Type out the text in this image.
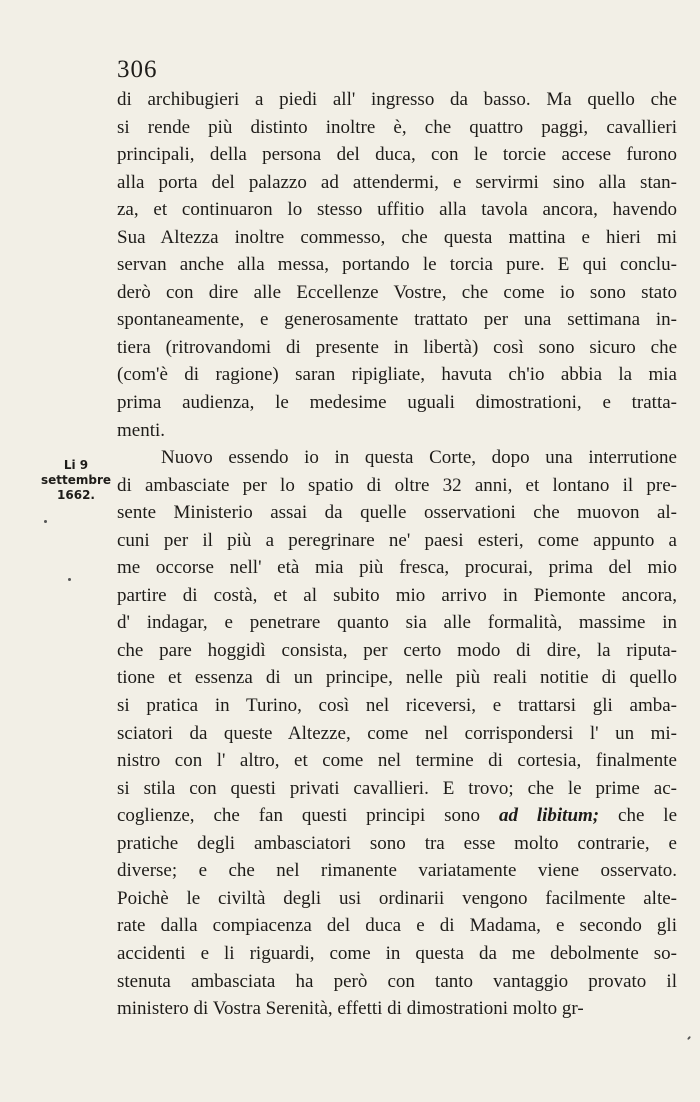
306
Li 9
settembre
1662.
di archibugieri a piedi all' ingresso da basso. Ma quello che
si rende più distinto inoltre è, che quattro paggi, cavallieri
principali, della persona del duca, con le torcie accese furono
alla porta del palazzo ad attendermi, e servirmi sino alla stan-
za, et continuaron lo stesso uffitio alla tavola ancora, havendo
Sua Altezza inoltre commesso, che questa mattina e hieri mi
servan anche alla messa, portando le torcia pure. E qui conclu-
derò con dire alle Eccellenze Vostre, che come io sono stato
spontaneamente, e generosamente trattato per una settimana in-
tiera (ritrovandomi di presente in libertà) così sono sicuro che
(com'è di ragione) saran ripigliate, havuta ch'io abbia la mia
prima audienza, le medesime uguali dimostrationi, e tratta-
menti.
Nuovo essendo io in questa Corte, dopo una interrutione
di ambasciate per lo spatio di oltre 32 anni, et lontano il pre-
sente Ministerio assai da quelle osservationi che muovon al-
cuni per il più a peregrinare ne' paesi esteri, come appunto a
me occorse nell' età mia più fresca, procurai, prima del mio
partire di costà, et al subito mio arrivo in Piemonte ancora,
d' indagar, e penetrare quanto sia alle formalità, massime in
che pare hoggidì consista, per certo modo di dire, la riputa-
tione et essenza di un principe, nelle più reali notitie di quello
si pratica in Turino, così nel riceversi, e trattarsi gli amba-
sciatori da queste Altezze, come nel corrispondersi l' un mi-
nistro con l' altro, et come nel termine di cortesia, finalmente
si stila con questi privati cavallieri. E trovo; che le prime ac-
coglienze, che fan questi principi sono ad libitum; che le
pratiche degli ambasciatori sono tra esse molto contrarie, e
diverse; e che nel rimanente variatamente viene osservato.
Poichè le civiltà degli usi ordinarii vengono facilmente alte-
rate dalla compiacenza del duca e di Madama, e secondo gli
accidenti e li riguardi, come in questa da me debolmente so-
stenuta ambasciata ha però con tanto vantaggio provato il
ministero di Vostra Serenità, effetti di dimostrationi molto gr-
